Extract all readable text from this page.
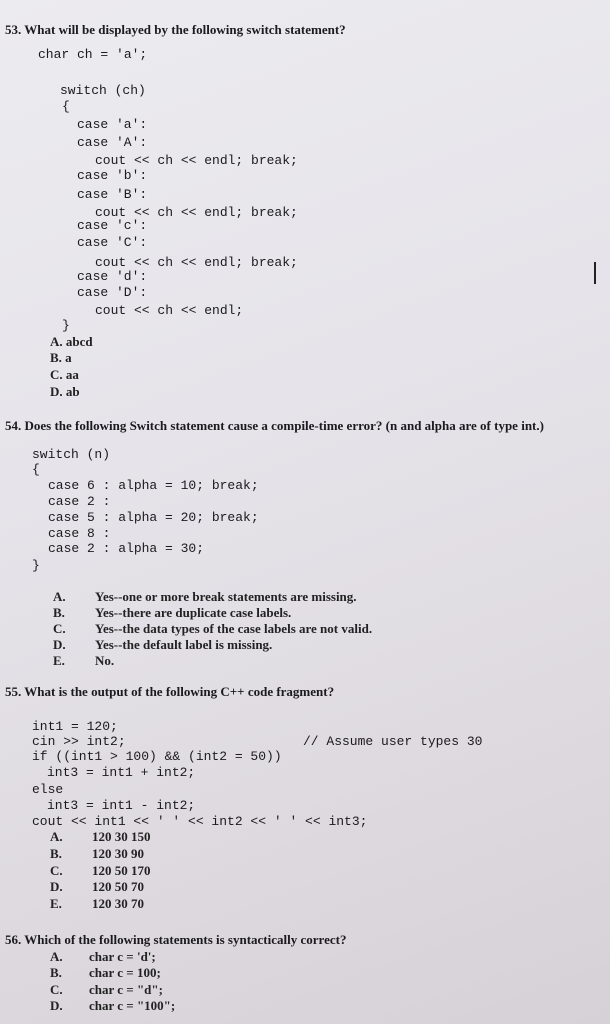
53. What will be displayed by the following switch statement?
char ch = 'a';
switch (ch)
{
case 'a':
case 'A':
cout << ch << endl; break;
case 'b':
case 'B':
cout << ch << endl; break;
case 'c':
case 'C':
cout << ch << endl; break;
case 'd':
case 'D':
cout << ch << endl;
}
A. abcd
B. a
C. aa
D. ab
54. Does the following Switch statement cause a compile-time error? (n and alpha are of type int.)
switch (n)
{
case 6 : alpha = 10; break;
case 2 :
case 5 : alpha = 20; break;
case 8 :
case 2 : alpha = 30;
}
A. Yes--one or more break statements are missing.
B. Yes--there are duplicate case labels.
C. Yes--the data types of the case labels are not valid.
D. Yes--the default label is missing.
E. No.
55. What is the output of the following C++ code fragment?
int1 = 120;
cin >> int2;	// Assume user types 30
if ((int1 > 100) && (int2 = 50))
int3 = int1 + int2;
else
int3 = int1 - int2;
cout << int1 << ' ' << int2 << ' ' << int3;
A. 120 30 150
B. 120 30 90
C. 120 50 170
D. 120 50 70
E. 120 30 70
56. Which of the following statements is syntactically correct?
A. char c = 'd';
B. char c = 100;
C. char c = "d";
D. char c = "100";
